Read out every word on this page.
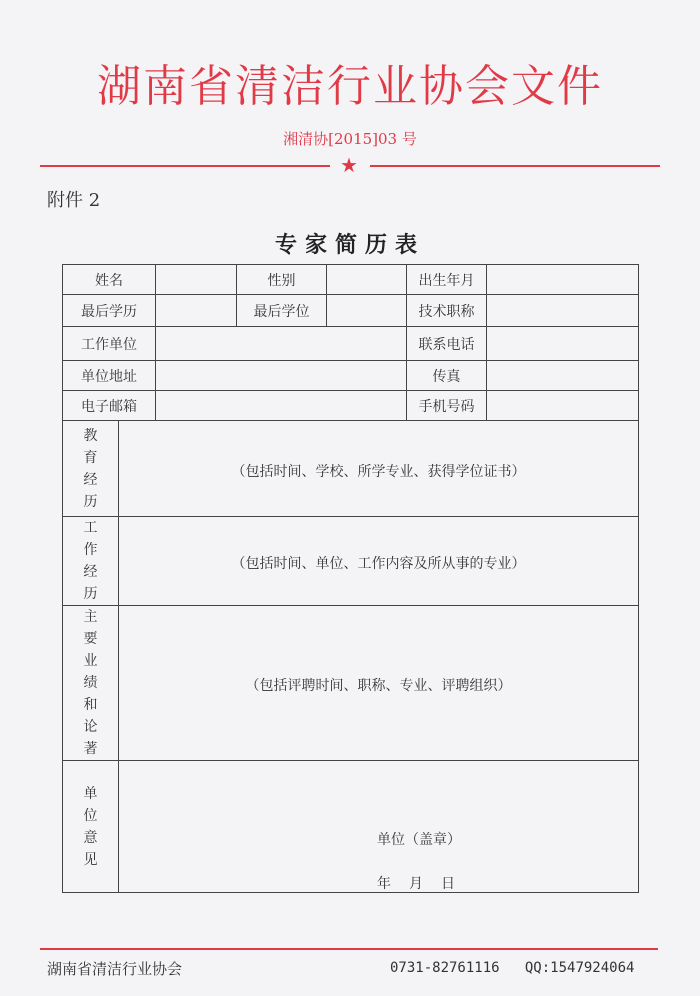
湖南省清洁行业协会文件
湘清协[2015]03 号
★
附件 2
专家简历表
姓名			性别		出生年月	
最后学历			最后学位		技术职称	
工作单位					联系电话	
单位地址					传真	
电子邮箱					手机号码	
教育经历	（包括时间、学校、所学专业、获得学位证书）					

工作经历	（包括时间、单位、工作内容及所从事的专业）					

主要业绩和论著	（包括评聘时间、职称、专业、评聘组织）					

单位意见	单位（盖章）
年　月　日					
湖南省清洁行业协会	0731-82761116 QQ:1547924064
